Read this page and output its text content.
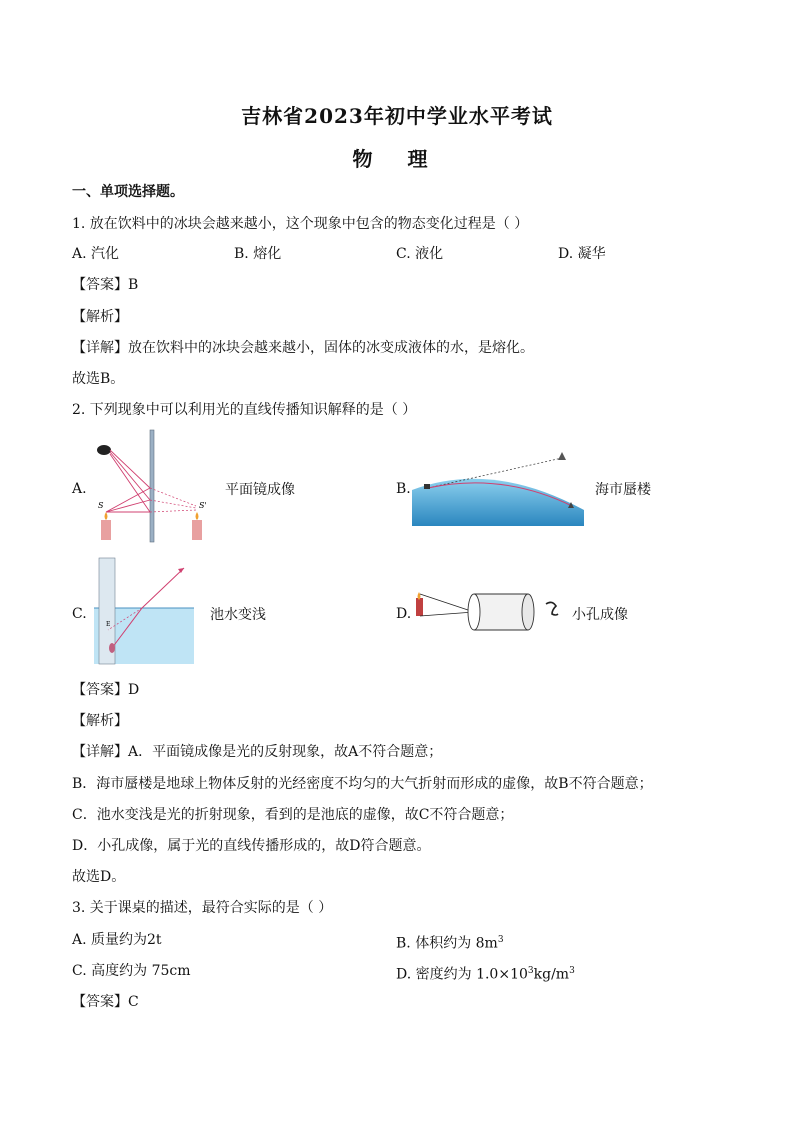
吉林省2023年初中学业水平考试
物 理
一、单项选择题。
1. 放在饮料中的冰块会越来越小，这个现象中包含的物态变化过程是（ ）
A. 汽化	B. 熔化	C. 液化	D. 凝华
【答案】B
【解析】
【详解】放在饮料中的冰块会越来越小，固体的冰变成液体的水，是熔化。
故选B。
2. 下列现象中可以利用光的直线传播知识解释的是（ ）
A.
S	S'
平面镜成像	B.	海市蜃楼
C.
E
池水变浅	D.	小孔成像
【答案】D
【解析】
【详解】A．平面镜成像是光的反射现象，故A不符合题意；
B．海市蜃楼是地球上物体反射的光经密度不均匀的大气折射而形成的虚像，故B不符合题意；
C．池水变浅是光的折射现象，看到的是池底的虚像，故C不符合题意；
D．小孔成像，属于光的直线传播形成的，故D符合题意。
故选D。
3. 关于课桌的描述，最符合实际的是（ ）
A. 质量约为2t	B. 体积约为 $8m^3$
C. 高度约为 75cm	D. 密度约为 $1.0\times 10^3kg/m^3$
【答案】C
